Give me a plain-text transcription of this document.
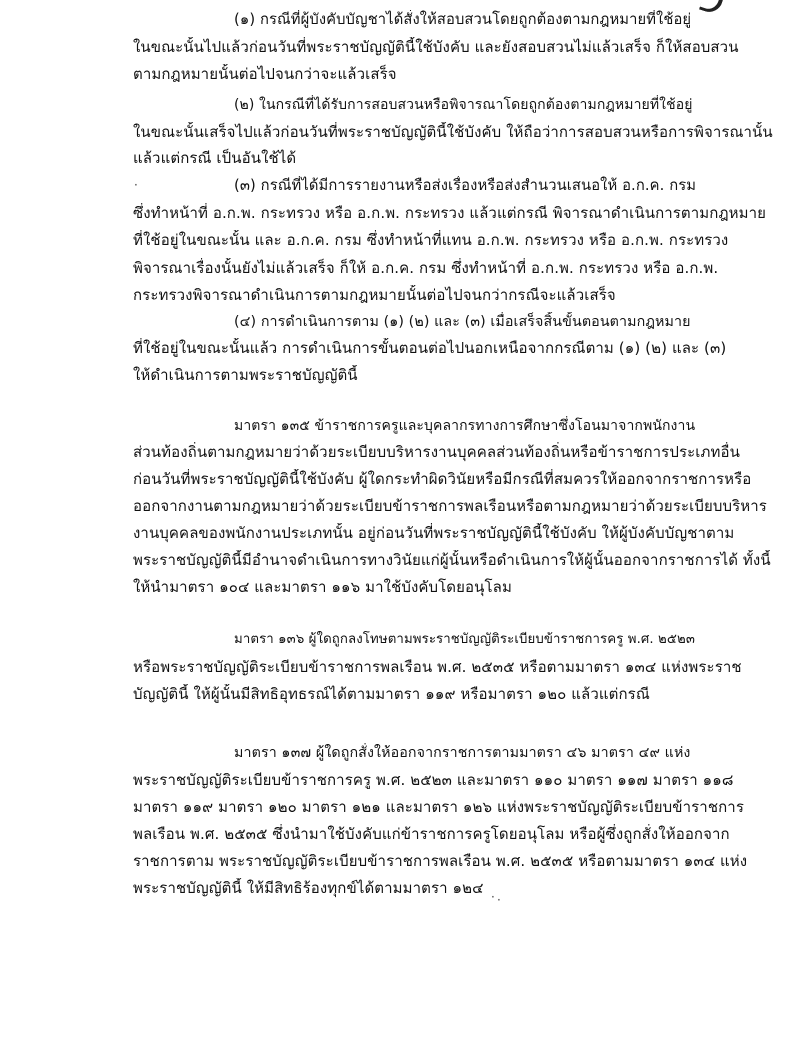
(๑) กรณีที่ผู้บังคับบัญชาได้สั่งให้สอบสวนโดยถูกต้องตามกฎหมายที่ใช้อยู่
ในขณะนั้นไปแล้วก่อนวันที่พระราชบัญญัตินี้ใช้บังคับ และยังสอบสวนไม่แล้วเสร็จ ก็ให้สอบสวน
ตามกฎหมายนั้นต่อไปจนกว่าจะแล้วเสร็จ
(๒) ในกรณีที่ได้รับการสอบสวนหรือพิจารณาโดยถูกต้องตามกฎหมายที่ใช้อยู่
ในขณะนั้นเสร็จไปแล้วก่อนวันที่พระราชบัญญัตินี้ใช้บังคับ ให้ถือว่าการสอบสวนหรือการพิจารณานั้น
แล้วแต่กรณี เป็นอันใช้ได้
(๓) กรณีที่ได้มีการรายงานหรือส่งเรื่องหรือส่งสำนวนเสนอให้ อ.ก.ค. กรม
ซึ่งทำหน้าที่ อ.ก.พ. กระทรวง หรือ อ.ก.พ. กระทรวง แล้วแต่กรณี พิจารณาดำเนินการตามกฎหมาย
ที่ใช้อยู่ในขณะนั้น และ อ.ก.ค. กรม ซึ่งทำหน้าที่แทน อ.ก.พ. กระทรวง หรือ อ.ก.พ. กระทรวง
พิจารณาเรื่องนั้นยังไม่แล้วเสร็จ ก็ให้ อ.ก.ค. กรม ซึ่งทำหน้าที่ อ.ก.พ. กระทรวง หรือ อ.ก.พ.
กระทรวงพิจารณาดำเนินการตามกฎหมายนั้นต่อไปจนกว่ากรณีจะแล้วเสร็จ
(๔) การดำเนินการตาม (๑) (๒) และ (๓) เมื่อเสร็จสิ้นขั้นตอนตามกฎหมาย
ที่ใช้อยู่ในขณะนั้นแล้ว การดำเนินการขั้นตอนต่อไปนอกเหนือจากกรณีตาม (๑) (๒) และ (๓)
ให้ดำเนินการตามพระราชบัญญัตินี้
มาตรา ๑๓๕ ข้าราชการครูและบุคลากรทางการศึกษาซึ่งโอนมาจากพนักงาน
ส่วนท้องถิ่นตามกฎหมายว่าด้วยระเบียบบริหารงานบุคคลส่วนท้องถิ่นหรือข้าราชการประเภทอื่น
ก่อนวันที่พระราชบัญญัตินี้ใช้บังคับ ผู้ใดกระทำผิดวินัยหรือมีกรณีที่สมควรให้ออกจากราชการหรือ
ออกจากงานตามกฎหมายว่าด้วยระเบียบข้าราชการพลเรือนหรือตามกฎหมายว่าด้วยระเบียบบริหาร
งานบุคคลของพนักงานประเภทนั้น อยู่ก่อนวันที่พระราชบัญญัตินี้ใช้บังคับ ให้ผู้บังคับบัญชาตาม
พระราชบัญญัตินี้มีอำนาจดำเนินการทางวินัยแก่ผู้นั้นหรือดำเนินการให้ผู้นั้นออกจากราชการได้ ทั้งนี้
ให้นำมาตรา ๑๐๔ และมาตรา ๑๑๖ มาใช้บังคับโดยอนุโลม
มาตรา ๑๓๖ ผู้ใดถูกลงโทษตามพระราชบัญญัติระเบียบข้าราชการครู พ.ศ. ๒๕๒๓
หรือพระราชบัญญัติระเบียบข้าราชการพลเรือน พ.ศ. ๒๕๓๕ หรือตามมาตรา ๑๓๔ แห่งพระราช
บัญญัตินี้ ให้ผู้นั้นมีสิทธิอุทธรณ์ได้ตามมาตรา ๑๑๙ หรือมาตรา ๑๒๐ แล้วแต่กรณี
มาตรา ๑๓๗ ผู้ใดถูกสั่งให้ออกจากราชการตามมาตรา ๔๖ มาตรา ๔๙ แห่ง
พระราชบัญญัติระเบียบข้าราชการครู พ.ศ. ๒๕๒๓ และมาตรา ๑๑๐ มาตรา ๑๑๗ มาตรา ๑๑๘
มาตรา ๑๑๙ มาตรา ๑๒๐ มาตรา ๑๒๑ และมาตรา ๑๒๖ แห่งพระราชบัญญัติระเบียบข้าราชการ
พลเรือน พ.ศ. ๒๕๓๕ ซึ่งนำมาใช้บังคับแก่ข้าราชการครูโดยอนุโลม หรือผู้ซึ่งถูกสั่งให้ออกจาก
ราชการตาม พระราชบัญญัติระเบียบข้าราชการพลเรือน พ.ศ. ๒๕๓๕ หรือตามมาตรา ๑๓๔ แห่ง
พระราชบัญญัตินี้ ให้มีสิทธิร้องทุกข์ได้ตามมาตรา ๑๒๔ · ·
·
